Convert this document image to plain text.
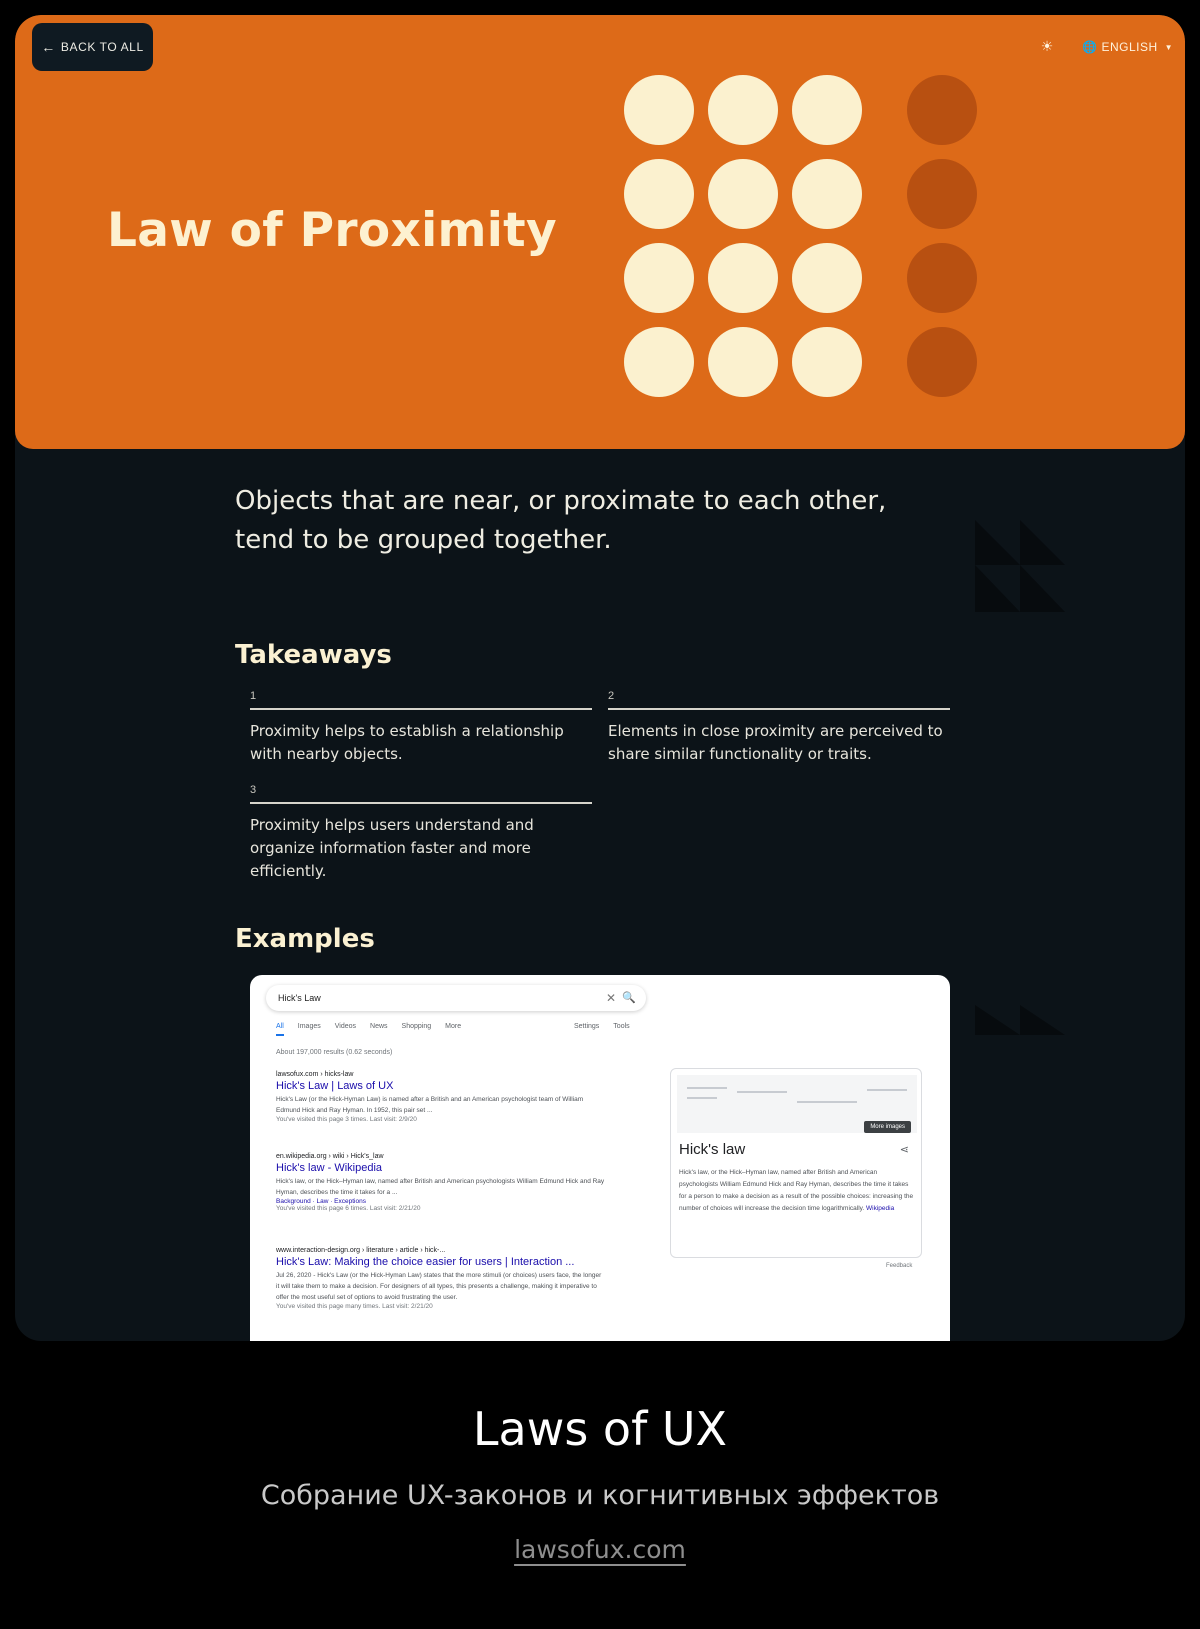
← BACK TO ALL	☀	🌐 ENGLISH ▼
Law of Proximity

Objects that are near, or proximate to each other, tend to be grouped together.

Takeaways
1
Proximity helps to establish a relationship with nearby objects.
2
Elements in close proximity are perceived to share similar functionality or traits.
3
Proximity helps users understand and organize information faster and more efficiently.
Examples
Hick's Law	✕ 🔍
All Images Videos News Shopping More	Settings Tools
About 197,000 results (0.62 seconds)
lawsofux.com › hicks-law
Hick's Law | Laws of UX
Hick's Law (or the Hick-Hyman Law) is named after a British and an American psychologist team of William Edmund Hick and Ray Hyman. In 1952, this pair set ...
You've visited this page 3 times. Last visit: 2/9/20
en.wikipedia.org › wiki › Hick's_law
Hick's law - Wikipedia
Hick's law, or the Hick–Hyman law, named after British and American psychologists William Edmund Hick and Ray Hyman, describes the time it takes for a ...
Background · Law · Exceptions
You've visited this page 6 times. Last visit: 2/21/20
www.interaction-design.org › literature › article › hick-...
Hick's Law: Making the choice easier for users | Interaction ...
Jul 26, 2020 - Hick's Law (or the Hick-Hyman Law) states that the more stimuli (or choices) users face, the longer it will take them to make a decision. For designers of all types, this presents a challenge, making it imperative to offer the most useful set of options to avoid frustrating the user.
You've visited this page many times. Last visit: 2/21/20
More images
Hick's law	⋖
Hick's law, or the Hick–Hyman law, named after British and American psychologists William Edmund Hick and Ray Hyman, describes the time it takes for a person to make a decision as a result of the possible choices: increasing the number of choices will increase the decision time logarithmically. Wikipedia
Feedback
Laws of UX
Собрание UX-законов и когнитивных эффектов
lawsofux.com
